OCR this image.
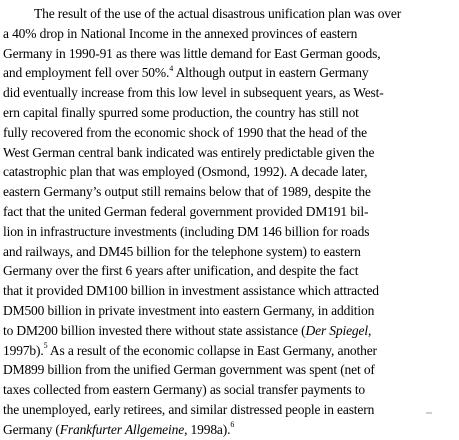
The result of the use of the actual disastrous unification plan was over
a 40% drop in National Income in the annexed provinces of eastern
Germany in 1990-91 as there was little demand for East German goods,
and employment fell over 50%.$^4$ Although output in eastern Germany
did eventually increase from this low level in subsequent years, as West-
ern capital finally spurred some production, the country has still not
fully recovered from the economic shock of 1990 that the head of the
West German central bank indicated was entirely predictable given the
catastrophic plan that was employed (Osmond, 1992). A decade later,
eastern Germany’s output still remains below that of 1989, despite the
fact that the united German federal government provided DM191 bil-
lion in infrastructure investments (including DM 146 billion for roads
and railways, and DM45 billion for the telephone system) to eastern
Germany over the first 6 years after unification, and despite the fact
that it provided DM100 billion in investment assistance which attracted
DM500 billion in private investment into eastern Germany, in addition
to DM200 billion invested there without state assistance (Der Spiegel,
1997b).$^5$ As a result of the economic collapse in East Germany, another
DM899 billion from the unified German government was spent (net of
taxes collected from eastern Germany) as social transfer payments to
the unemployed, early retirees, and similar distressed people in eastern
Germany (Frankfurter Allgemeine, 1998a).$^6$
